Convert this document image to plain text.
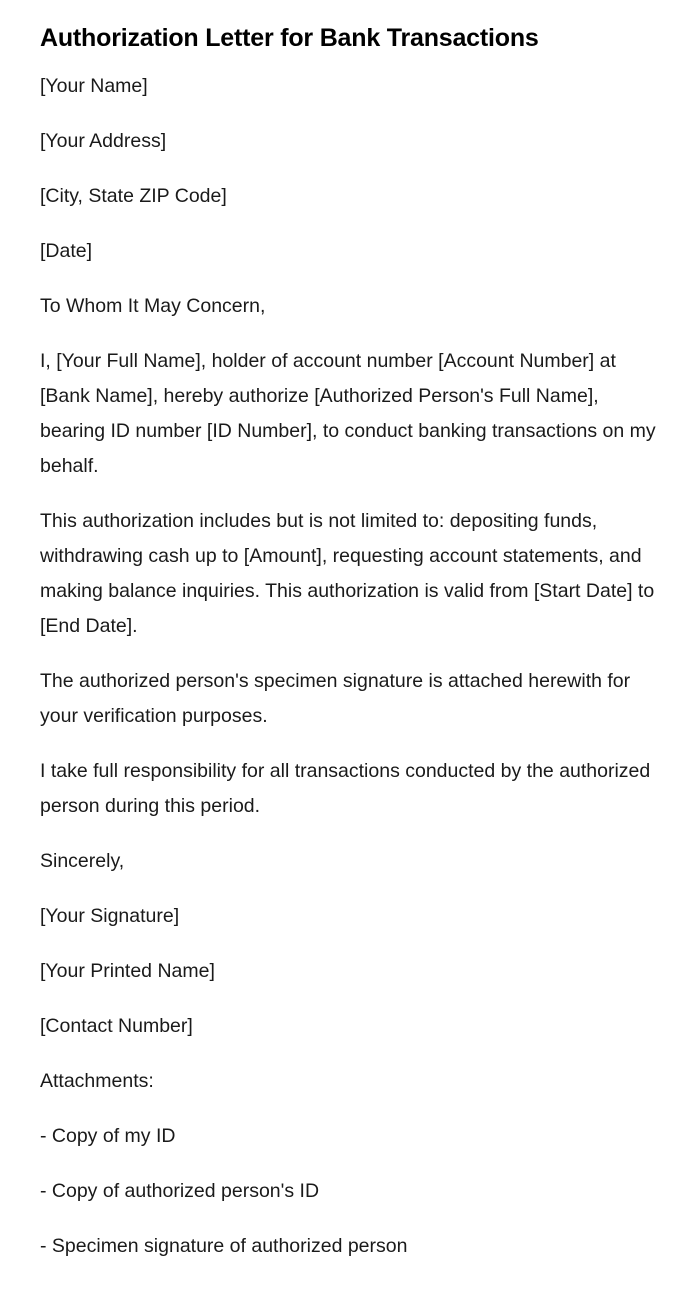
Authorization Letter for Bank Transactions

[Your Name]

[Your Address]

[City, State ZIP Code]

[Date]

To Whom It May Concern,

I, [Your Full Name], holder of account number [Account Number] at [Bank Name], hereby authorize [Authorized Person's Full Name], bearing ID number [ID Number], to conduct banking transactions on my behalf.

This authorization includes but is not limited to: depositing funds, withdrawing cash up to [Amount], requesting account statements, and making balance inquiries. This authorization is valid from [Start Date] to [End Date].

The authorized person's specimen signature is attached herewith for your verification purposes.

I take full responsibility for all transactions conducted by the authorized person during this period.

Sincerely,

[Your Signature]

[Your Printed Name]

[Contact Number]

Attachments:

- Copy of my ID

- Copy of authorized person's ID

- Specimen signature of authorized person
